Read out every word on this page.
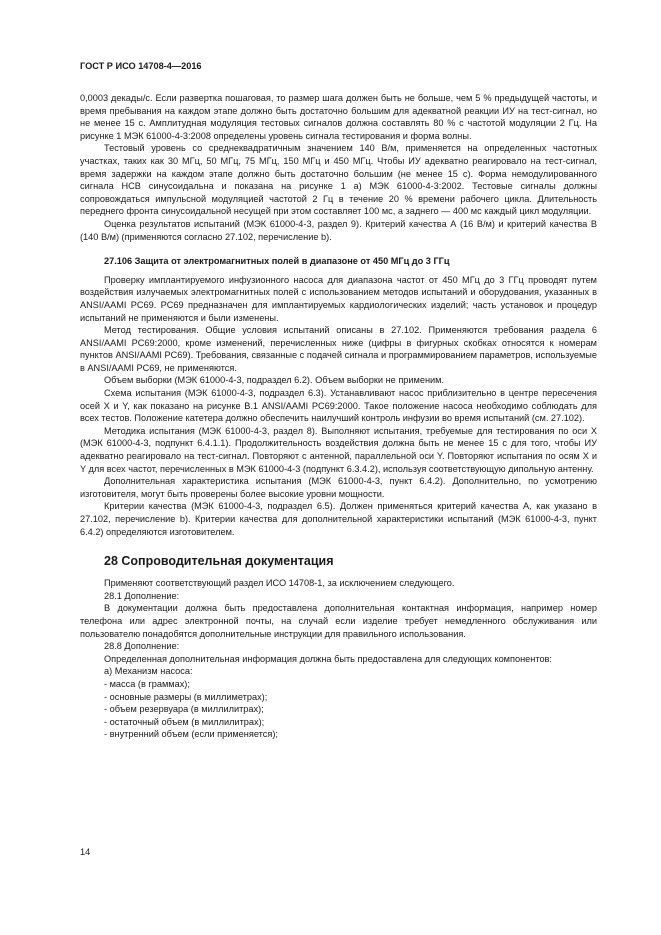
ГОСТ Р ИСО 14708-4—2016

0,0003 декады/с. Если развертка пошаговая, то размер шага должен быть не больше, чем 5 % предыдущей частоты, и время пребывания на каждом этапе должно быть достаточно большим для адекватной реакции ИУ на тест-сигнал, но не менее 15 с. Амплитудная модуляция тестовых сигналов должна составлять 80 % с частотой модуляции 2 Гц. На рисунке 1 МЭК 61000-4-3:2008 определены уровень сигнала тестирования и форма волны.

Тестовый уровень со среднеквадратичным значением 140 В/м, применяется на определенных частотных участках, таких как 30 МГц, 50 МГц, 75 МГц, 150 МГц и 450 МГц. Чтобы ИУ адекватно реагировало на тест-сигнал, время задержки на каждом этапе должно быть достаточно большим (не менее 15 с). Форма немодулированного сигнала НСВ синусоидальна и показана на рисунке 1 а) МЭК 61000-4-3:2002. Тестовые сигналы должны сопровождаться импульсной модуляцией частотой 2 Гц в течение 20 % времени рабочего цикла. Длительность переднего фронта синусоидальной несущей при этом составляет 100 мс, а заднего — 400 мс каждый цикл модуляции.

Оценка результатов испытаний (МЭК 61000-4-3, раздел 9). Критерий качества А (16 В/м) и критерий качества В (140 В/м) (применяются согласно 27.102, перечисление b).

27.106 Защита от электромагнитных полей в диапазоне от 450 МГц до 3 ГГц

Проверку имплантируемого инфузионного насоса для диапазона частот от 450 МГц до 3 ГГц проводят путем воздействия излучаемых электромагнитных полей с использованием методов испытаний и оборудования, указанных в ANSI/AAMI PC69. PC69 предназначен для имплантируемых кардиологических изделий; часть установок и процедур испытаний не применяются и были изменены.

Метод тестирования. Общие условия испытаний описаны в 27.102. Применяются требования раздела 6 ANSI/AAMI PC69:2000, кроме изменений, перечисленных ниже (цифры в фигурных скобках относятся к номерам пунктов ANSI/AAMI PC69). Требования, связанные с подачей сигнала и программированием параметров, используемые в ANSI/AAMI PC69, не применяются.

Объем выборки (МЭК 61000-4-3, подраздел 6.2). Объем выборки не применим.

Схема испытания (МЭК 61000-4-3, подраздел 6.3). Устанавливают насос приблизительно в центре пересечения осей X и Y, как показано на рисунке В.1 ANSI/AAMI PC69:2000. Такое положение насоса необходимо соблюдать для всех тестов. Положение катетера должно обеспечить наилучший контроль инфузии во время испытаний (см. 27.102).

Методика испытания (МЭК 61000-4-3, раздел 8). Выполняют испытания, требуемые для тестирования по оси X (МЭК 61000-4-3, подпункт 6.4.1.1). Продолжительность воздействия должна быть не менее 15 с для того, чтобы ИУ адекватно реагировало на тест-сигнал. Повторяют с антенной, параллельной оси Y. Повторяют испытания по осям X и Y для всех частот, перечисленных в МЭК 61000-4-3 (подпункт 6.3.4.2), используя соответствующую дипольную антенну.

Дополнительная характеристика испытания (МЭК 61000-4-3, пункт 6.4.2). Дополнительно, по усмотрению изготовителя, могут быть проверены более высокие уровни мощности.

Критерии качества (МЭК 61000-4-3, подраздел 6.5). Должен применяться критерий качества А, как указано в 27.102, перечисление b). Критерии качества для дополнительной характеристики испытаний (МЭК 61000-4-3, пункт 6.4.2) определяются изготовителем.

28 Сопроводительная документация

Применяют соответствующий раздел ИСО 14708-1, за исключением следующего.

28.1 Дополнение:

В документации должна быть предоставлена дополнительная контактная информация, например номер телефона или адрес электронной почты, на случай если изделие требует немедленного обслуживания или пользователю понадобятся дополнительные инструкции для правильного использования.

28.8 Дополнение:

Определенная дополнительная информация должна быть предоставлена для следующих компонентов:

а) Механизм насоса:
- масса (в граммах);
- основные размеры (в миллиметрах);
- объем резервуара (в миллилитрах);
- остаточный объем (в миллилитрах);
- внутренний объем (если применяется);
14
